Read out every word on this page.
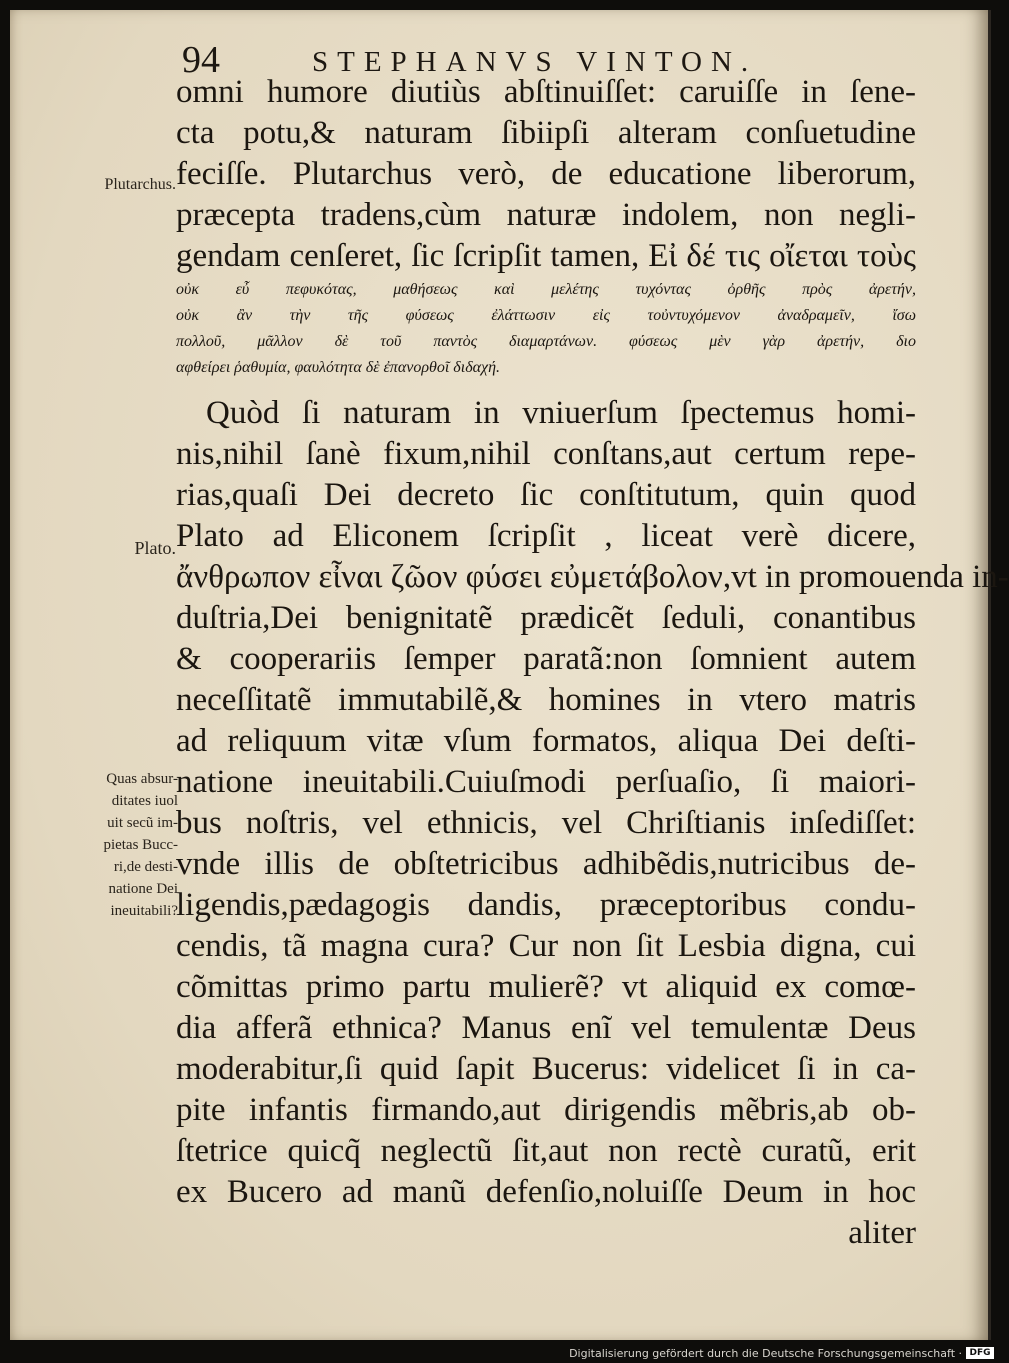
94	STEPHANVS VINTON.
Plutarchus.
Plato.
Quas absur-
ditates iuol
uit secũ im-
pietas Bucc-
ri,de desti-
natione Dei
ineuitabili?
omni humore diutiùs abſtinuiſſet: caruiſſe in ſene-
cta potu,& naturam ſibiipſi alteram conſuetudine
feciſſe. Plutarchus verò, de educatione liberorum,
præcepta tradens,cùm naturæ indolem, non negli-
gendam cenſeret, ſic ſcripſit tamen, Εἰ δέ τις οἴεται τοὺς
οὐκ εὖ πεφυκότας, μαθήσεως καὶ μελέτης τυχόντας ὀρθῆς πρὸς ἀρετήν,
οὐκ ἂν τὴν τῆς φύσεως ἐλάττωσιν εἰς τοὐντυχόμενον ἀναδραμεῖν, ἴσω
πολλοῦ, μᾶλλον δὲ τοῦ παντὸς διαμαρτάνων. φύσεως μὲν γὰρ ἀρετήν, διο
αφθείρει ῥαθυμία, φαυλότητα δὲ ἐπανορθοῖ διδαχή.
Quòd ſi naturam in vniuerſum ſpectemus homi-
nis,nihil ſanè fixum,nihil conſtans,aut certum repe-
rias,quaſi Dei decreto ſic conſtitutum, quin quod
Plato ad Eliconem ſcripſit , liceat verè dicere,
ἄνθρωπον εἶναι ζῶον φύσει εὐμετάβολον,vt in promouenda in-
duſtria,Dei benignitatẽ prædicẽt ſeduli, conantibus
& cooperariis ſemper paratã:non ſomnient autem
neceſſitatẽ immutabilẽ,& homines in vtero matris
ad reliquum vitæ vſum formatos, aliqua Dei deſti-
natione ineuitabili.Cuiuſmodi perſuaſio, ſi maiori-
bus noſtris, vel ethnicis, vel Chriſtianis inſediſſet:
vnde illis de obſtetricibus adhibẽdis,nutricibus de-
ligendis,pædagogis dandis, præceptoribus condu-
cendis, tã magna cura? Cur non ſit Lesbia digna, cui
cõmittas primo partu mulierẽ? vt aliquid ex comœ-
dia afferã ethnica? Manus enĩ vel temulentæ Deus
moderabitur,ſi quid ſapit Bucerus: videlicet ſi in ca-
pite infantis firmando,aut dirigendis mẽbris,ab ob-
ſtetrice quicq̃ neglectũ ſit,aut non rectè curatũ, erit
ex Bucero ad manũ defenſio,noluiſſe Deum in hoc
aliter
Digitalisierung gefördert durch die Deutsche Forschungsgemeinschaft · DFG
